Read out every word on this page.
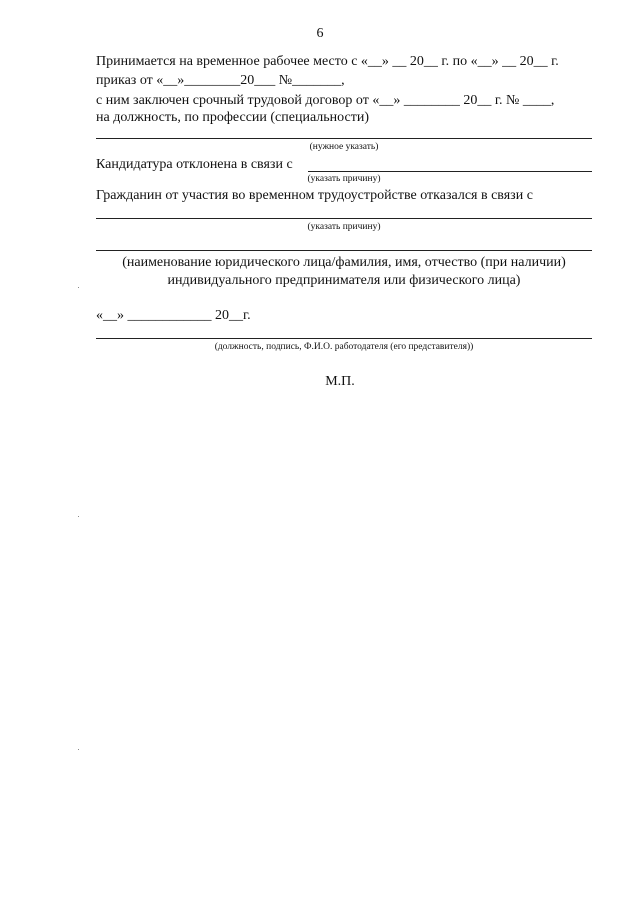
6
Принимается на временное рабочее место с «__» __ 20__ г. по «__» __ 20__ г.
приказ от «__»________20___ №_______,
с ним заключен срочный трудовой договор от «__» ________ 20__ г. № ____,
на должность, по профессии (специальности)
(нужное указать)
Кандидатура отклонена в связи с
(указать причину)
Гражданин от участия во временном трудоустройстве отказался в связи с
(указать причину)
(наименование юридического лица/фамилия, имя, отчество (при наличии)
индивидуального предпринимателя или физического лица)
«__» ____________ 20__г.
(должность, подпись, Ф.И.О. работодателя (его представителя))
М.П.
